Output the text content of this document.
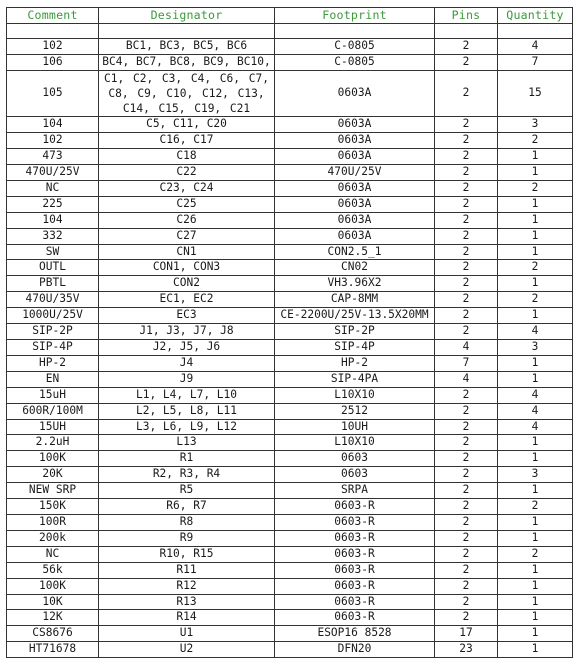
Comment	Designator	Footprint	Pins	Quantity

102	BC1, BC3, BC5, BC6	C-0805	2	4
106	BC4, BC7, BC8, BC9, BC10,	C-0805	2	7
105	C1, C2, C3, C4, C6, C7, C8, C9, C10, C12, C13, C14, C15, C19, C21	0603A	2	15
104	C5, C11, C20	0603A	2	3
102	C16, C17	0603A	2	2
473	C18	0603A	2	1
470U/25V	C22	470U/25V	2	1
NC	C23, C24	0603A	2	2
225	C25	0603A	2	1
104	C26	0603A	2	1
332	C27	0603A	2	1
SW	CN1	CON2.5_1	2	1
OUTL	CON1, CON3	CN02	2	2
PBTL	CON2	VH3.96X2	2	1
470U/35V	EC1, EC2	CAP-8MM	2	2
1000U/25V	EC3	CE-2200U/25V-13.5X20MM	2	1
SIP-2P	J1, J3, J7, J8	SIP-2P	2	4
SIP-4P	J2, J5, J6	SIP-4P	4	3
HP-2	J4	HP-2	7	1
EN	J9	SIP-4PA	4	1
15uH	L1, L4, L7, L10	L10X10	2	4
600R/100M	L2, L5, L8, L11	2512	2	4
15UH	L3, L6, L9, L12	10UH	2	4
2.2uH	L13	L10X10	2	1
100K	R1	0603	2	1
20K	R2, R3, R4	0603	2	3
NEW SRP	R5	SRPA	2	1
150K	R6, R7	0603-R	2	2
100R	R8	0603-R	2	1
200k	R9	0603-R	2	1
NC	R10, R15	0603-R	2	2
56k	R11	0603-R	2	1
100K	R12	0603-R	2	1
10K	R13	0603-R	2	1
12K	R14	0603-R	2	1
CS8676	U1	ESOP16 8528	17	1
HT71678	U2	DFN20	23	1
